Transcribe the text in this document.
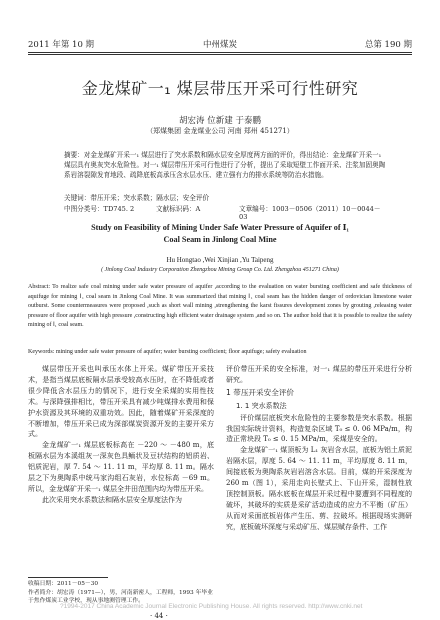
2011 年第 10 期	中州煤炭	总第 190 期
金龙煤矿一₁ 煤层带压开采可行性研究
胡宏涛 位新建 于泰鹏
（郑煤集团 金龙煤业公司 河南 郑州 451271）
摘要：对金龙煤矿开采一₁ 煤层进行了突水系数和隔水层安全厚度两方面的评价，得出结论：金龙煤矿开采一₁ 煤层具有奥灰突水危险性。对一₁ 煤层带压开采可行性进行了分析，提出了采取短壁工作面开采、注浆加固奥陶系岩溶裂隙发育地段、疏降底板高承压含水层水压、建立强有力的排水系统等防治水措施。
关键词：带压开采；突水系数；隔水层；安全评价
中图分类号：TD745. 2	文献标识码：A	文章编号：1003－0506（2011）10－0044－03
Study on Feasibility of Mining Under Safe Water Pressure of Aquifer of Ⅰ₁
Coal Seam in Jinlong Coal Mine
Hu Hongtao ,Wei Xinjian ,Yu Taipeng
( Jinlong Coal Industry Corporation Zhengzhou Mining Group Co. Ltd. Zhengzhou 451271 China)
Abstract: To realize safe coal mining under safe water pressure of aquifer ,according to the evaluation on water bursting coefficient and safe thickness of aquifuge for mining Ⅰ₁ coal seam in Jinlong Coal Mine. It was summarized that mining Ⅰ₁ coal seam has the hidden danger of ordovician limestone water outburst. Some countermeasures were proposed ,such as short wall mining ,strengthening the karst fissures development zones by grouting ,releasing water pressure of floor aquifer with high pressure ,constructing high efficient water drainage system ,and so on. The author hold that it is possible to realize the safety mining of Ⅰ₁ coal seam.
Keywords: mining under safe water pressure of aquifer; water bursting coefficient; floor aquifuge; safety evaluation

煤层带压开采也叫承压水体上开采。煤矿带压开采技术，是指当煤层底板隔水层承受较高水压时，在不降低或者很少降低含水层压力的情况下，进行安全采煤的实用性技术。与深降强排相比，带压开采具有减少吨煤排水费用和保护水资源及其环境的双重功效。因此，随着煤矿开采深度的不断增加，带压开采已成为深部煤炭资源开发的主要开采方式。

金龙煤矿一₁ 煤层底板标高在 －220 ～ －480 m，底板隔水层为本溪组灰一深灰色具鲕状及豆状结构的铝质岩、铝质泥岩，厚 7. 54 ～ 11. 11 m，平均厚 8. 11 m。隔水层之下为奥陶系中统马家沟组石灰岩，水位标高 －69 m。所以，金龙煤矿开采一₁ 煤层全井田范围内均为带压开采。

此次采用突水系数法和隔水层安全厚度法作为

评价带压开采的安全标准，对一₁ 煤层的带压开采进行分析研究。

1 带压开采安全评价
1. 1 突水系数法

评价煤层底板突水危险性的主要参数是突水系数。根据我国实际统计资料，构造复杂区域 T₀ ≤ 0. 06 MPa/m，构造正常块段 T₀ ≤ 0. 15 MPa/m，采煤是安全的。

金龙煤矿一₁ 煤顶板为 L₁ 灰岩含水层，底板为铝土质泥岩隔水层，厚度 5. 64 ～ 11. 11 m，平均厚度 8. 11 m，间接底板为奥陶系灰岩岩溶含水层。目前，煤的开采深度为 260 m（图 1），采用走向长壁式上、下山开采，湿制性放顶控制顶板。隔水底板在煤层开采过程中要遭到不同程度的破坏，其破坏的实质是采矿活动造成的应力不平衡（矿压）从而对采面底板岩体产生压、剪、拉破坏。根据现场实测研究，底板破坏深度与采动矿压、煤层赋存条件、工作

收稿日期：2011－05－30
作者简介：胡宏涛（1971—），男，河南新密人，工程师，1993 年毕业于焦作煤炭工业学校，现从事地测管理工作。
?1994-2017 China Academic Journal Electronic Publishing House. All rights reserved. http://www.cnki.net
· 44 ·
